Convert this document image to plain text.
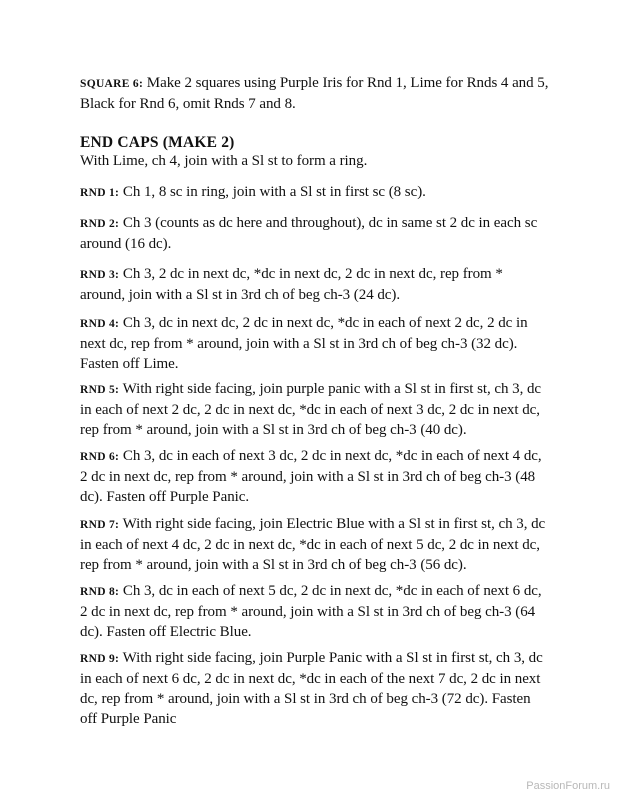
SQUARE 6: Make 2 squares using Purple Iris for Rnd 1, Lime for Rnds 4 and 5, Black for Rnd 6, omit Rnds 7 and 8.
END CAPS (MAKE 2)
With Lime, ch 4, join with a Sl st to form a ring.
RND 1: Ch 1, 8 sc in ring, join with a Sl st in first sc (8 sc).
RND 2: Ch 3 (counts as dc here and throughout), dc in same st 2 dc in each sc around (16 dc).
RND 3: Ch 3, 2 dc in next dc, *dc in next dc, 2 dc in next dc, rep from * around, join with a Sl st in 3rd ch of beg ch-3 (24 dc).
RND 4: Ch 3, dc in next dc, 2 dc in next dc, *dc in each of next 2 dc, 2 dc in next dc, rep from * around, join with a Sl st in 3rd ch of beg ch-3 (32 dc). Fasten off Lime.
RND 5: With right side facing, join purple panic with a Sl st in first st, ch 3, dc in each of next 2 dc, 2 dc in next dc, *dc in each of next 3 dc, 2 dc in next dc, rep from * around, join with a Sl st in 3rd ch of beg ch-3 (40 dc).
RND 6: Ch 3, dc in each of next 3 dc, 2 dc in next dc, *dc in each of next 4 dc, 2 dc in next dc, rep from * around, join with a Sl st in 3rd ch of beg ch-3 (48 dc). Fasten off Purple Panic.
RND 7: With right side facing, join Electric Blue with a Sl st in first st, ch 3, dc in each of next 4 dc, 2 dc in next dc, *dc in each of next 5 dc, 2 dc in next dc, rep from * around, join with a Sl st in 3rd ch of beg ch-3 (56 dc).
RND 8: Ch 3, dc in each of next 5 dc, 2 dc in next dc, *dc in each of next 6 dc, 2 dc in next dc, rep from * around, join with a Sl st in 3rd ch of beg ch-3 (64 dc). Fasten off Electric Blue.
RND 9: With right side facing, join Purple Panic with a Sl st in first st, ch 3, dc in each of next 6 dc, 2 dc in next dc, *dc in each of the next 7 dc, 2 dc in next dc, rep from * around, join with a Sl st in 3rd ch of beg ch-3 (72 dc). Fasten off Purple Panic
PassionForum.ru
